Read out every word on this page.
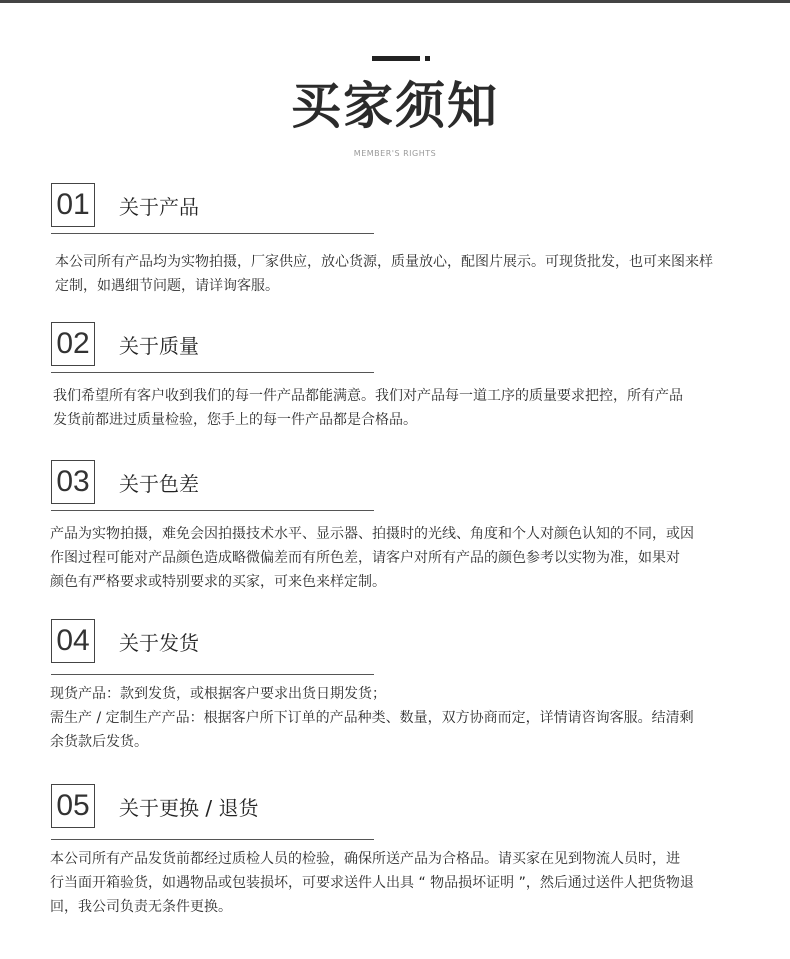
买家须知
MEMBER'S RIGHTS
01 关于产品
本公司所有产品均为实物拍摄，厂家供应，放心货源，质量放心，配图片展示。可现货批发，也可来图来样
定制，如遇细节问题，请详询客服。
02 关于质量
我们希望所有客户收到我们的每一件产品都能满意。我们对产品每一道工序的质量要求把控，所有产品
发货前都进过质量检验，您手上的每一件产品都是合格品。
03 关于色差
产品为实物拍摄，难免会因拍摄技术水平、显示器、拍摄时的光线、角度和个人对颜色认知的不同，或因
作图过程可能对产品颜色造成略微偏差而有所色差，请客户对所有产品的颜色参考以实物为准，如果对
颜色有严格要求或特别要求的买家，可来色来样定制。
04 关于发货
现货产品：款到发货，或根据客户要求出货日期发货；
需生产 / 定制生产产品：根据客户所下订单的产品种类、数量，双方协商而定，详情请咨询客服。结清剩
余货款后发货。
05 关于更换 / 退货
本公司所有产品发货前都经过质检人员的检验，确保所送产品为合格品。请买家在见到物流人员时，进
行当面开箱验货，如遇物品或包装损坏，可要求送件人出具 “ 物品损坏证明 ”，然后通过送件人把货物退
回，我公司负责无条件更换。
